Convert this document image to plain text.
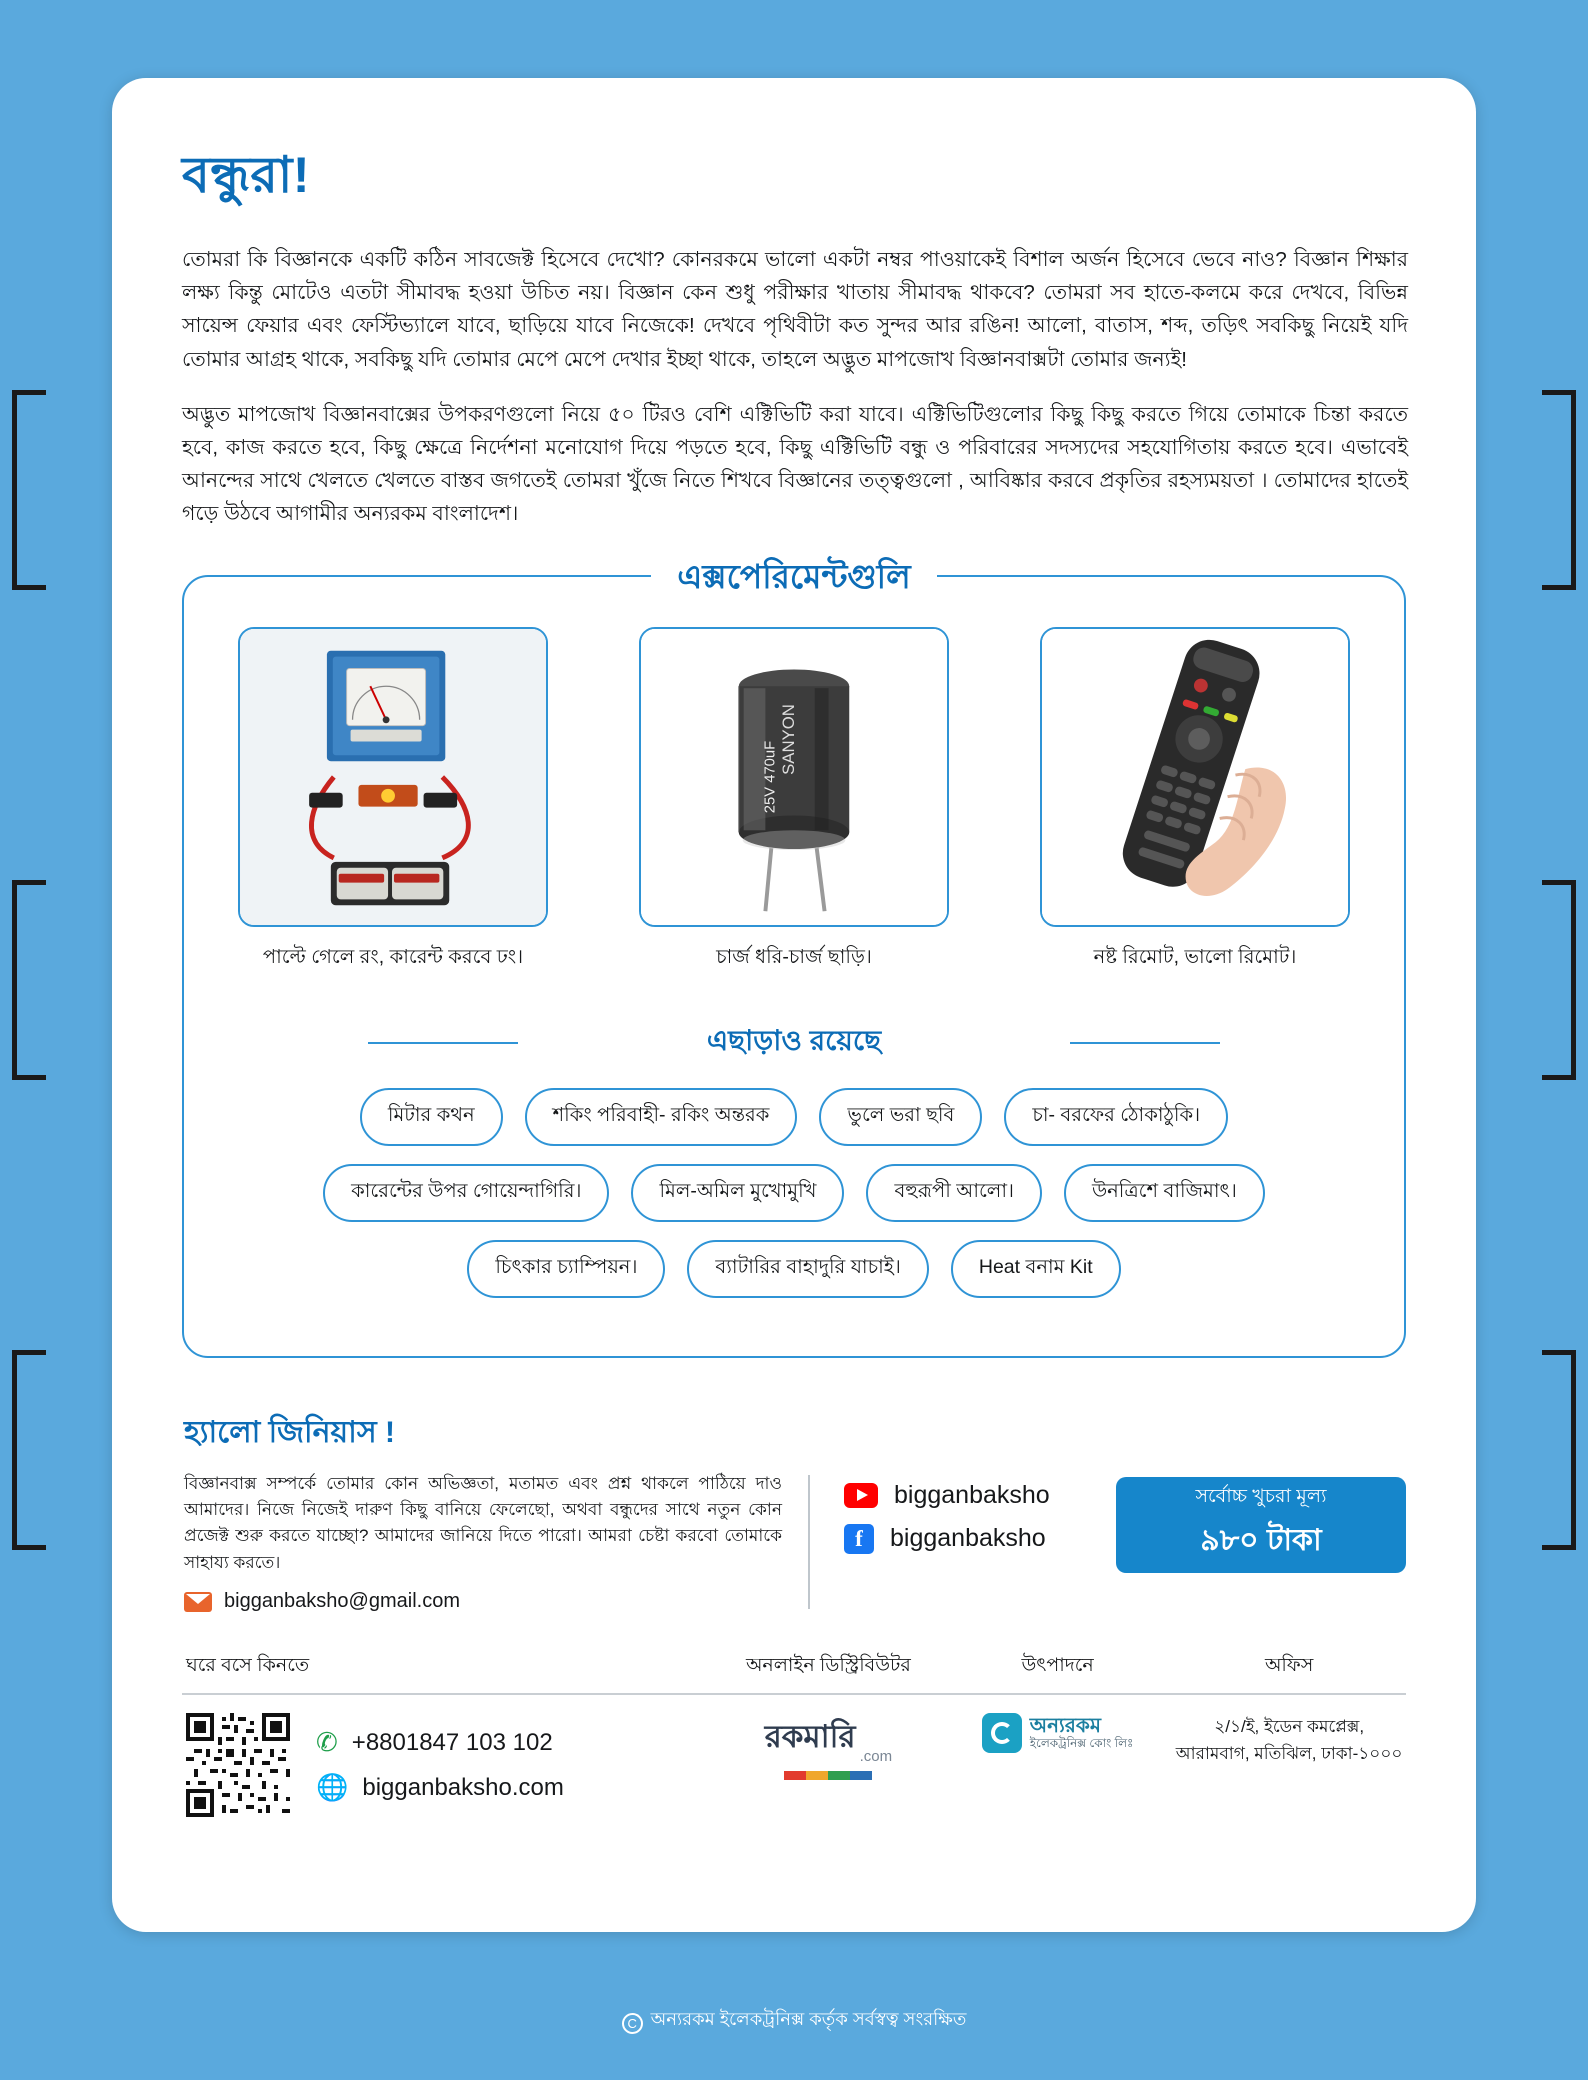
বন্ধুরা!
তোমরা কি বিজ্ঞানকে একটি কঠিন সাবজেক্ট হিসেবে দেখো? কোনরকমে ভালো একটা নম্বর পাওয়াকেই বিশাল অর্জন হিসেবে ভেবে নাও? বিজ্ঞান শিক্ষার লক্ষ্য কিন্তু মোটেও এতটা সীমাবদ্ধ হওয়া উচিত নয়। বিজ্ঞান কেন শুধু পরীক্ষার খাতায় সীমাবদ্ধ থাকবে? তোমরা সব হাতে-কলমে করে দেখবে, বিভিন্ন সায়েন্স ফেয়ার এবং ফেস্টিভ্যালে যাবে, ছাড়িয়ে যাবে নিজেকে! দেখবে পৃথিবীটা কত সুন্দর আর রঙিন! আলো, বাতাস, শব্দ, তড়িৎ সবকিছু নিয়েই যদি তোমার আগ্রহ থাকে, সবকিছু যদি তোমার মেপে মেপে দেখার ইচ্ছা থাকে, তাহলে অদ্ভুত মাপজোখ বিজ্ঞানবাক্সটা তোমার জন্যই!
অদ্ভুত মাপজোখ বিজ্ঞানবাক্সের উপকরণগুলো নিয়ে ৫০ টিরও বেশি এক্টিভিটি করা যাবে। এক্টিভিটিগুলোর কিছু কিছু করতে গিয়ে তোমাকে চিন্তা করতে হবে, কাজ করতে হবে, কিছু ক্ষেত্রে নির্দেশনা মনোযোগ দিয়ে পড়তে হবে, কিছু এক্টিভিটি বন্ধু ও পরিবারের সদস্যদের সহযোগিতায় করতে হবে। এভাবেই আনন্দের সাথে খেলতে খেলতে বাস্তব জগতেই তোমরা খুঁজে নিতে শিখবে বিজ্ঞানের তত্ত্বগুলো , আবিষ্কার করবে প্রকৃতির রহস্যময়তা । তোমাদের হাতেই গড়ে উঠবে আগামীর অন্যরকম বাংলাদেশ।
এক্সপেরিমেন্টগুলি
পাল্টে গেলে রং, কারেন্ট করবে ঢং।
SANYON
25V 470uF
চার্জ ধরি-চার্জ ছাড়ি।	নষ্ট রিমোট, ভালো রিমোট।
এছাড়াও রয়েছে
মিটার কথন	শকিং পরিবাহী- রকিং অন্তরক	ভুলে ভরা ছবি	চা- বরফের ঠোকাঠুকি।
কারেন্টের উপর গোয়েন্দাগিরি।	মিল-অমিল মুখোমুখি	বহুরূপী আলো।	উনত্রিশে বাজিমাৎ।
চিৎকার চ্যাম্পিয়ন।	ব্যাটারির বাহাদুরি যাচাই।	Heat বনাম Kit
হ্যালো জিনিয়াস !
বিজ্ঞানবাক্স সম্পর্কে তোমার কোন অভিজ্ঞতা, মতামত এবং প্রশ্ন থাকলে পাঠিয়ে দাও আমাদের। নিজে নিজেই দারুণ কিছু বানিয়ে ফেলেছো, অথবা বন্ধুদের সাথে নতুন কোন প্রজেক্ট শুরু করতে যাচ্ছো? আমাদের জানিয়ে দিতে পারো। আমরা চেষ্টা করবো তোমাকে সাহায্য করতে।
bigganbaksho@gmail.com
bigganbaksho
f	bigganbaksho
সর্বোচ্চ খুচরা মূল্য
৯৮০ টাকা
ঘরে বসে কিনতে
✆ +8801847 103 102
🌐 bigganbaksho.com
অনলাইন ডিস্ট্রিবিউটর
রকমারি
.com
উৎপাদনে
অন্যরকম
ইলেকট্রনিক্স কোং লিঃ
অফিস
২/১/ই, ইডেন কমপ্লেক্স,
আরামবাগ, মতিঝিল, ঢাকা-১০০০
C অন্যরকম ইলেকট্রনিক্স কর্তৃক সর্বস্বত্ব সংরক্ষিত
